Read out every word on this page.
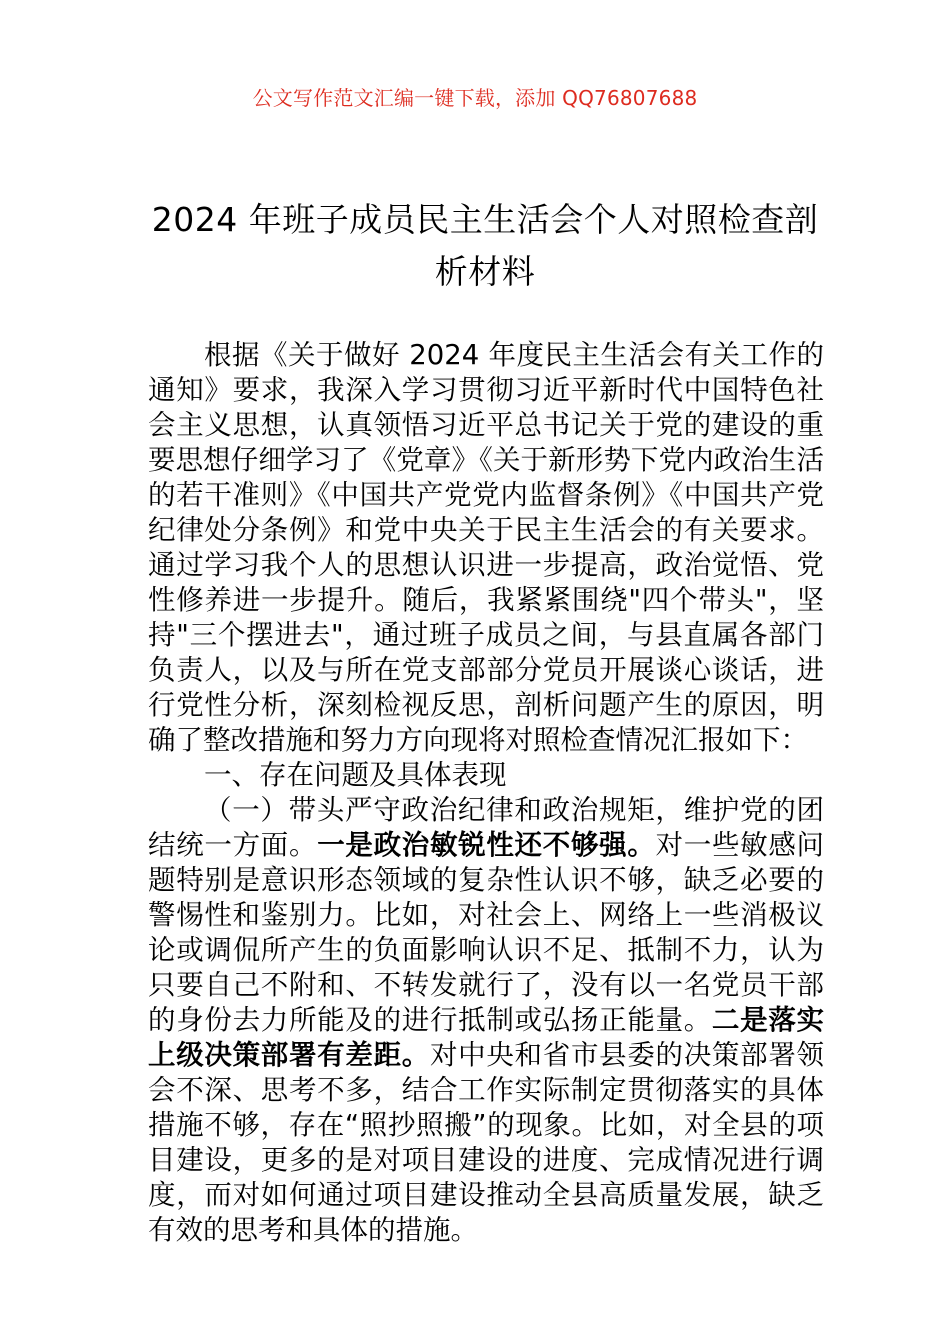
公文写作范文汇编一键下载，添加 QQ76807688
2024 年班子成员民主生活会个人对照检查剖析材料

根据《关于做好 2024 年度民主生活会有关工作的通知》要求，我深入学习贯彻习近平新时代中国特色社会主义思想，认真领悟习近平总书记关于党的建设的重要思想仔细学习了《党章》《关于新形势下党内政治生活的若干准则》《中国共产党党内监督条例》《中国共产党纪律处分条例》和党中央关于民主生活会的有关要求。通过学习我个人的思想认识进一步提高，政治觉悟、党性修养进一步提升。随后，我紧紧围绕"四个带头"，坚持"三个摆进去"，通过班子成员之间，与县直属各部门负责人，以及与所在党支部部分党员开展谈心谈话，进行党性分析，深刻检视反思，剖析问题产生的原因，明确了整改措施和努力方向现将对照检查情况汇报如下：

一、存在问题及具体表现

（一）带头严守政治纪律和政治规矩，维护党的团结统一方面。一是政治敏锐性还不够强。对一些敏感问题特别是意识形态领域的复杂性认识不够，缺乏必要的警惕性和鉴别力。比如，对社会上、网络上一些消极议论或调侃所产生的负面影响认识不足、抵制不力，认为只要自己不附和、不转发就行了，没有以一名党员干部的身份去力所能及的进行抵制或弘扬正能量。二是落实上级决策部署有差距。对中央和省市县委的决策部署领会不深、思考不多，结合工作实际制定贯彻落实的具体措施不够，存在“照抄照搬”的现象。比如，对全县的项目建设，更多的是对项目建设的进度、完成情况进行调度，而对如何通过项目建设推动全县高质量发展，缺乏有效的思考和具体的措施。
